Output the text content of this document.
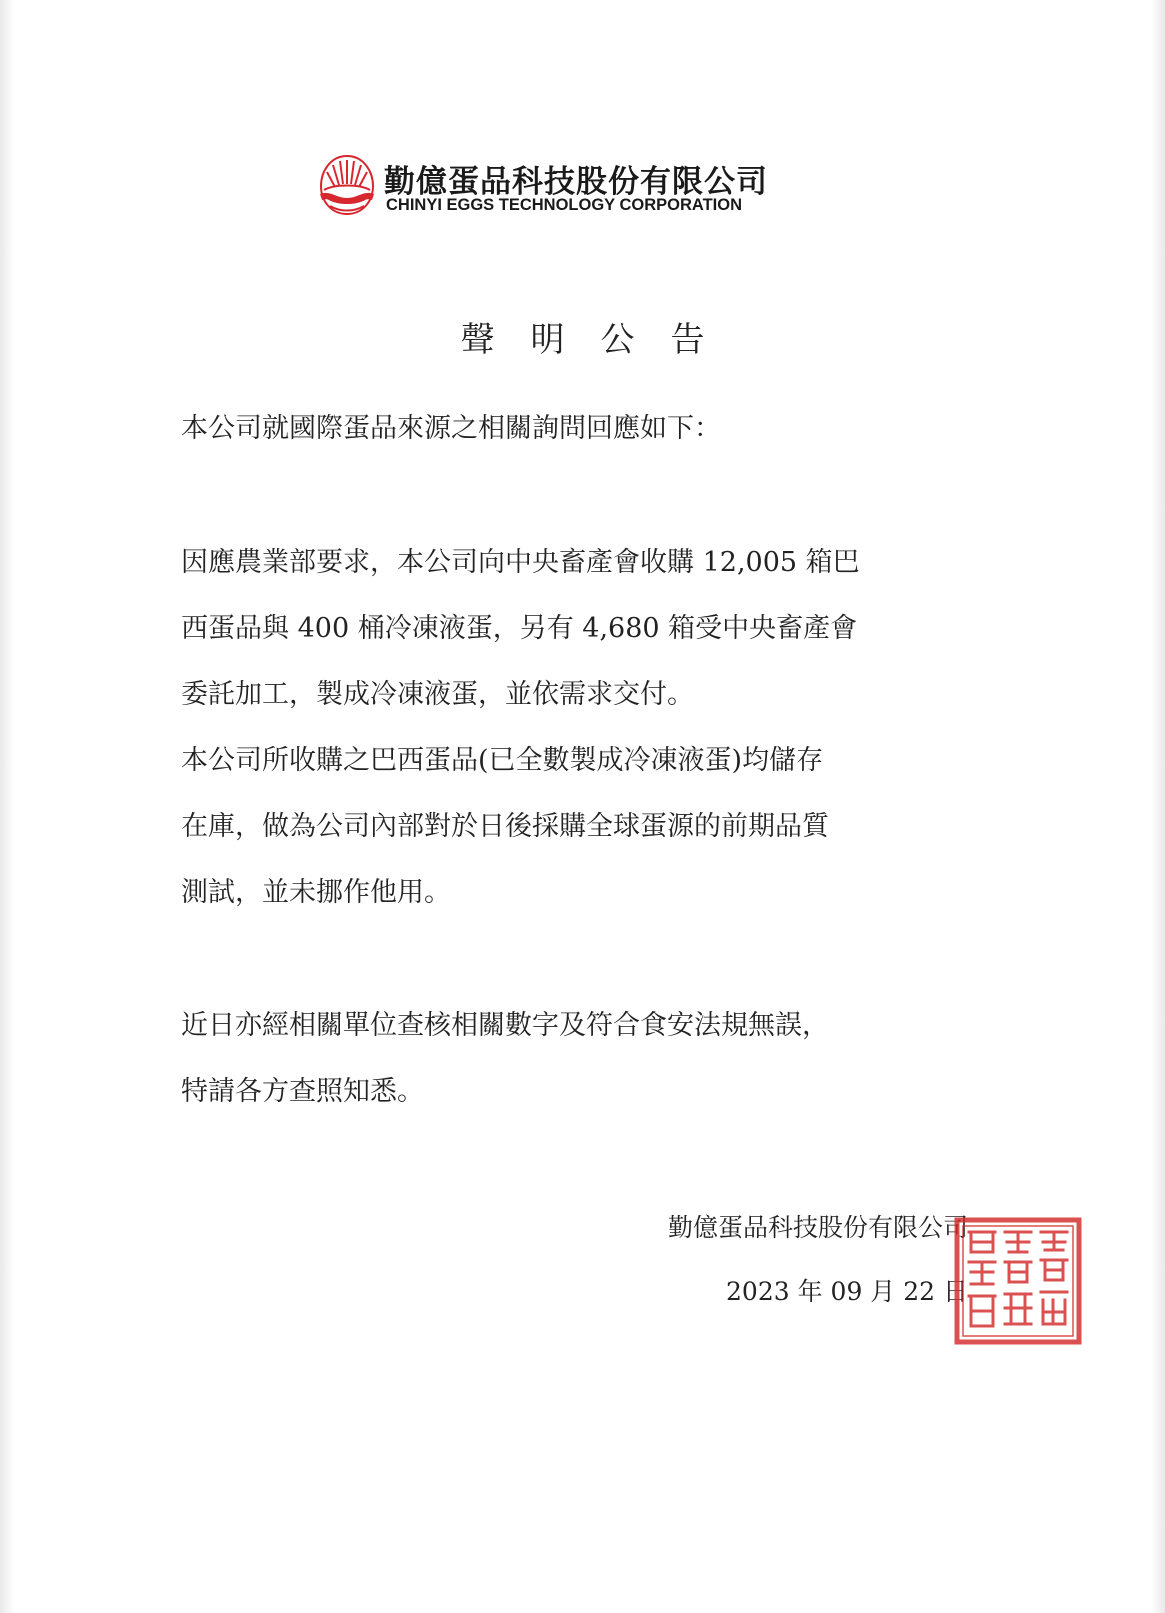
勤億蛋品科技股份有限公司
CHINYI EGGS TECHNOLOGY CORPORATION
聲明公告
本公司就國際蛋品來源之相關詢問回應如下：
因應農業部要求，本公司向中央畜產會收購 12,005 箱巴
西蛋品與 400 桶冷凍液蛋，另有 4,680 箱受中央畜產會
委託加工，製成冷凍液蛋，並依需求交付。
本公司所收購之巴西蛋品(已全數製成冷凍液蛋)均儲存
在庫，做為公司內部對於日後採購全球蛋源的前期品質
測試，並未挪作他用。
近日亦經相關單位查核相關數字及符合食安法規無誤，
特請各方查照知悉。
勤億蛋品科技股份有限公司
2023 年 09 月 22 日
